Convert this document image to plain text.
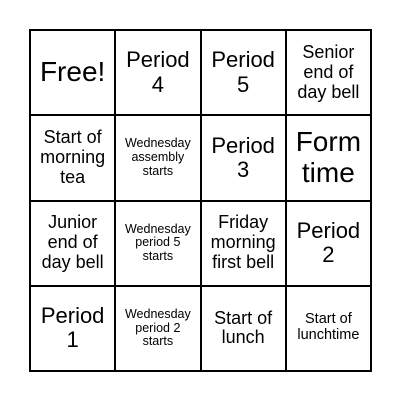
Free! Period
4
Period
5
Senior
end of
day bell
Start of
morning
tea
Wednesday
assembly
starts
Period
3
Form
time
Junior
end of
day bell
Wednesday
period 5
starts
Friday
morning
first bell
Period
2
Period
1
Wednesday
period 2
starts
Start of
lunch
Start of
lunchtime
